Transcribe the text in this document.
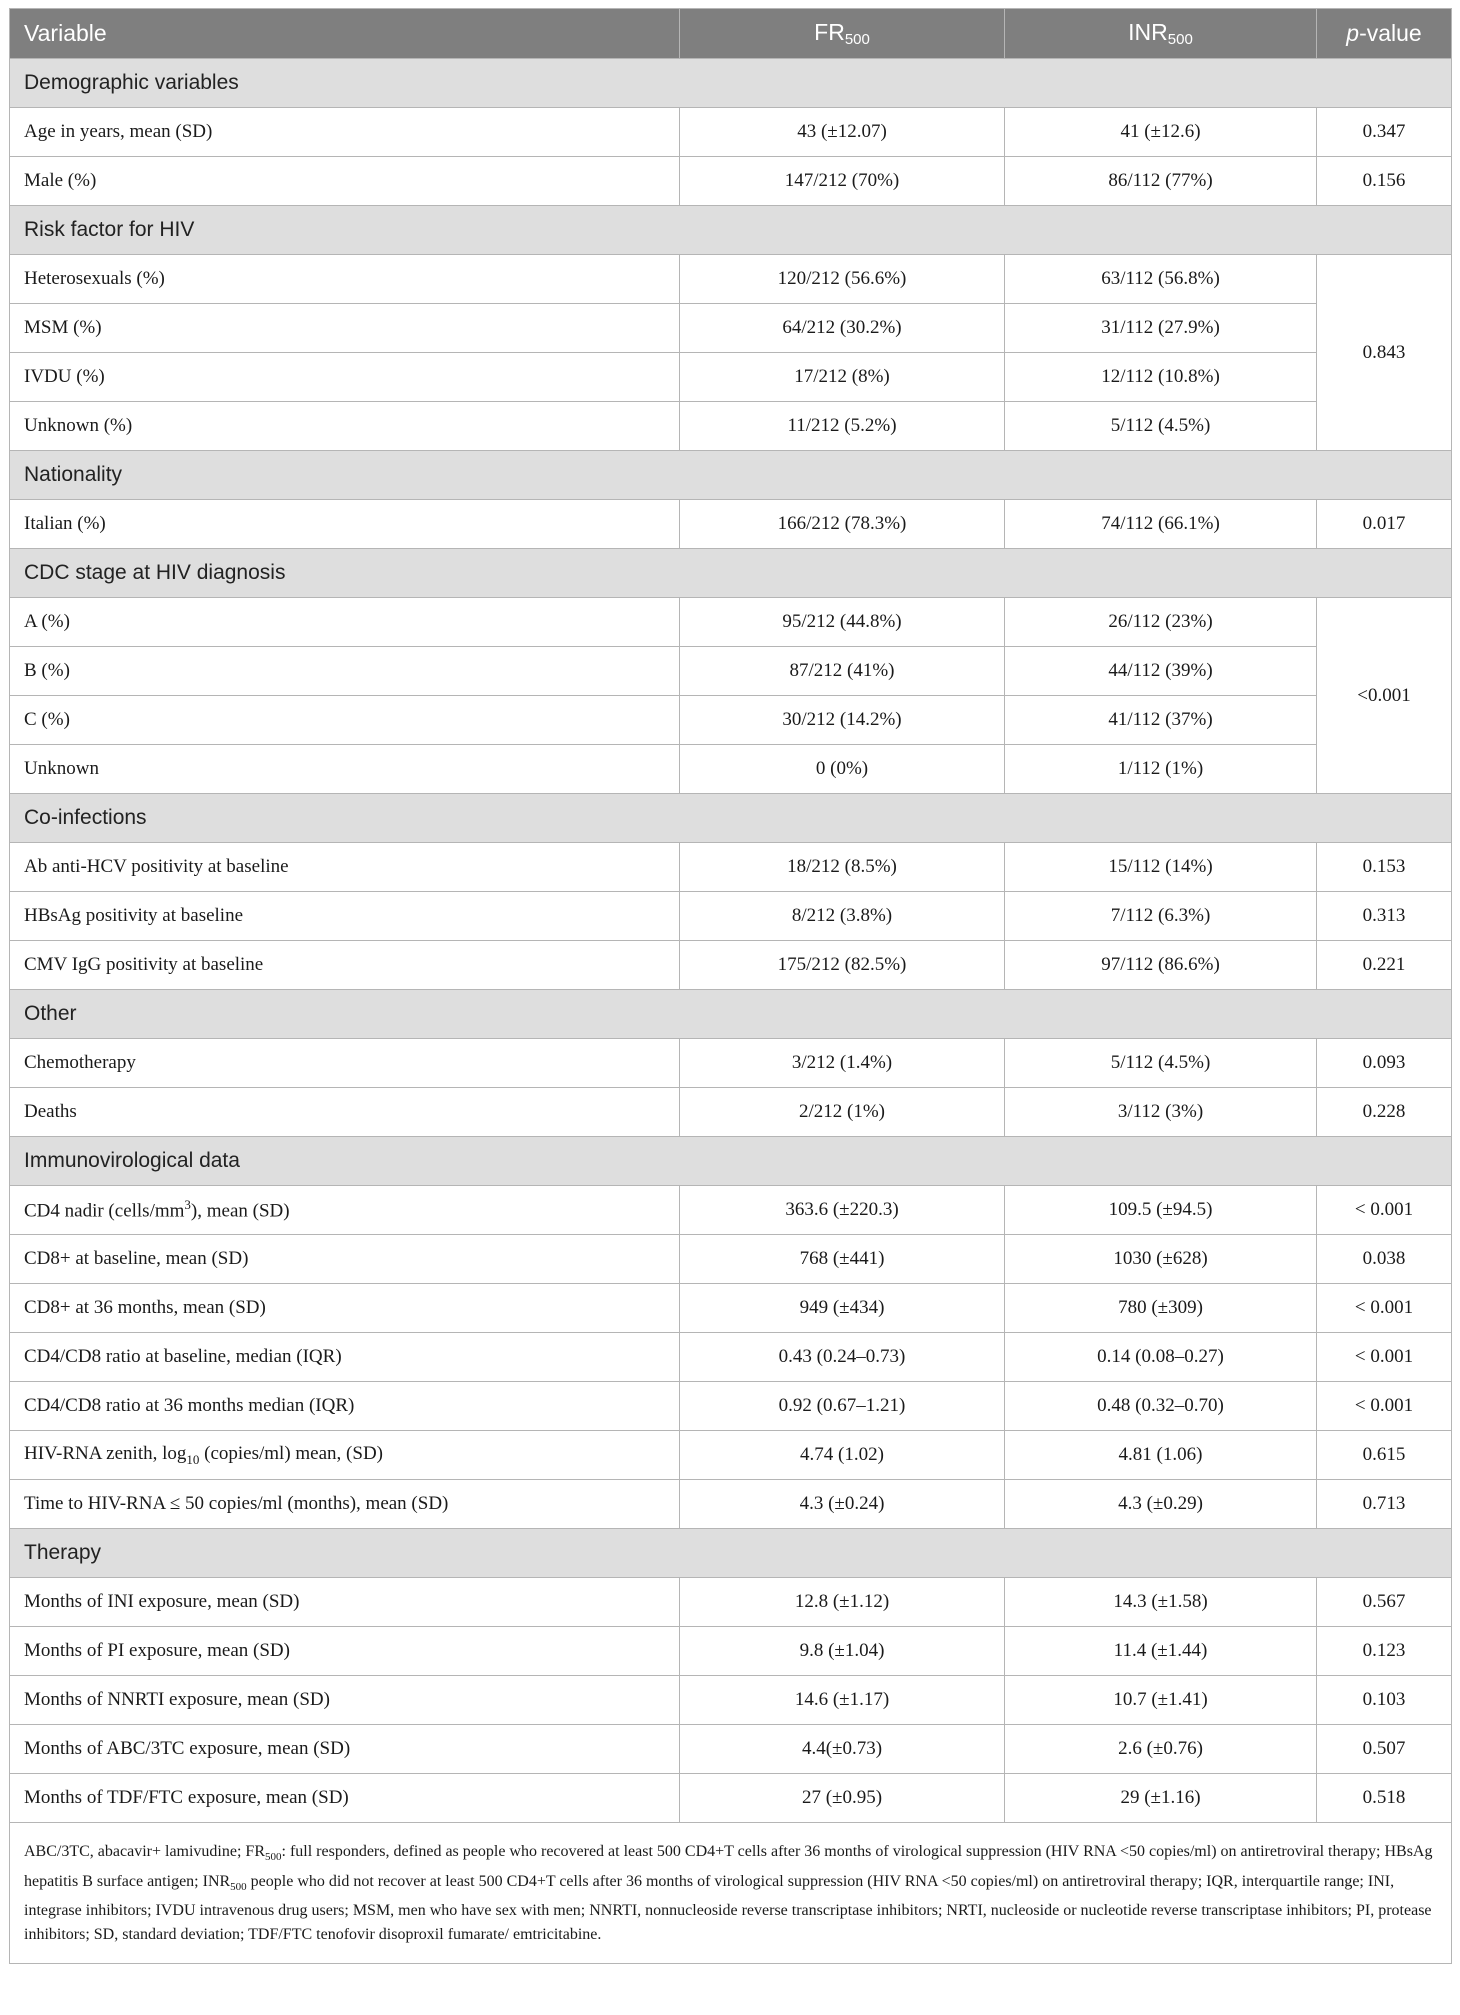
Variable	$FR_{500}$	$INR_{500}$	p-value
Demographic variables			
Age in years, mean (SD)	43 (±12.07)	41 (±12.6)	0.347
Male (%)	147/212 (70%)	86/112 (77%)	0.156
Risk factor for HIV			
Heterosexuals (%)	120/212 (56.6%)	63/112 (56.8%)	0.843
MSM (%)	64/212 (30.2%)	31/112 (27.9%)	
IVDU (%)	17/212 (8%)	12/112 (10.8%)	
Unknown (%)	11/212 (5.2%)	5/112 (4.5%)	
Nationality			
Italian (%)	166/212 (78.3%)	74/112 (66.1%)	0.017
CDC stage at HIV diagnosis			
A (%)	95/212 (44.8%)	26/112 (23%)	<0.001
B (%)	87/212 (41%)	44/112 (39%)	
C (%)	30/212 (14.2%)	41/112 (37%)	
Unknown	0 (0%)	1/112 (1%)	
Co-infections			
Ab anti-HCV positivity at baseline	18/212 (8.5%)	15/112 (14%)	0.153
HBsAg positivity at baseline	8/212 (3.8%)	7/112 (6.3%)	0.313
CMV IgG positivity at baseline	175/212 (82.5%)	97/112 (86.6%)	0.221
Other			
Chemotherapy	3/212 (1.4%)	5/112 (4.5%)	0.093
Deaths	2/212 (1%)	3/112 (3%)	0.228
Immunovirological data			
CD4 nadir $(cells/mm^3)$, mean (SD)	363.6 (±220.3)	109.5 (±94.5)	< 0.001
CD8+ at baseline, mean (SD)	768 (±441)	1030 (±628)	0.038
CD8+ at 36 months, mean (SD)	949 (±434)	780 (±309)	< 0.001
CD4/CD8 ratio at baseline, median (IQR)	0.43 (0.24–0.73)	0.14 (0.08–0.27)	< 0.001
CD4/CD8 ratio at 36 months median (IQR)	0.92 (0.67–1.21)	0.48 (0.32–0.70)	< 0.001
HIV-RNA zenith, $\log_{10}$ (copies/ml) mean, (SD)	4.74 (1.02)	4.81 (1.06)	0.615
Time to HIV-RNA ≤ 50 copies/ml (months), mean (SD)	4.3 (±0.24)	4.3 (±0.29)	0.713
Therapy			
Months of INI exposure, mean (SD)	12.8 (±1.12)	14.3 (±1.58)	0.567
Months of PI exposure, mean (SD)	9.8 (±1.04)	11.4 (±1.44)	0.123
Months of NNRTI exposure, mean (SD)	14.6 (±1.17)	10.7 (±1.41)	0.103
Months of ABC/3TC exposure, mean (SD)	4.4(±0.73)	2.6 (±0.76)	0.507
Months of TDF/FTC exposure, mean (SD)	27 (±0.95)	29 (±1.16)	0.518
ABC/3TC, abacavir+ lamivudine; $FR_{500}$: full responders, defined as people who recovered at least 500 CD4+T cells after 36 months of virological suppression (HIV RNA <50 copies/ml) on antiretroviral therapy; HBsAg hepatitis B surface antigen; $INR_{500}$ people who did not recover at least 500 CD4+T cells after 36 months of virological suppression (HIV RNA <50 copies/ml) on antiretroviral therapy; IQR, interquartile range; INI, integrase inhibitors; IVDU intravenous drug users; MSM, men who have sex with men; NNRTI, nonnucleoside reverse transcriptase inhibitors; NRTI, nucleoside or nucleotide reverse transcriptase inhibitors; PI, protease inhibitors; SD, standard deviation; TDF/FTC tenofovir disoproxil fumarate/ emtricitabine.			
